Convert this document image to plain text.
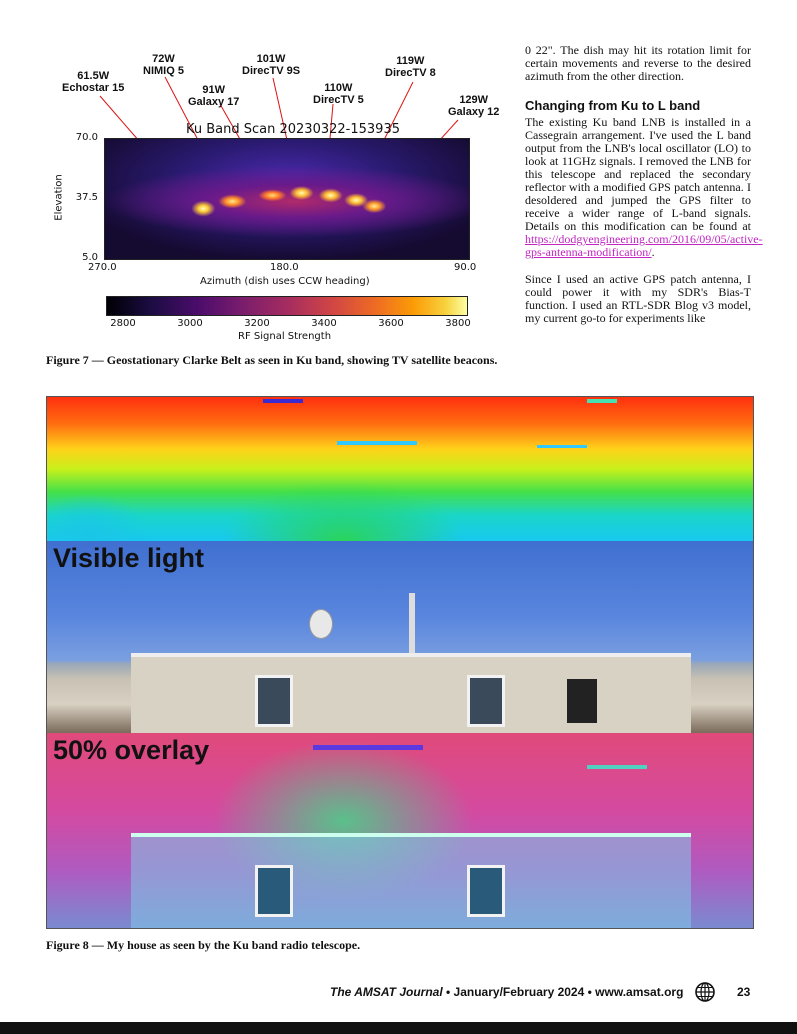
61.5W
Echostar 15
72W
NIMIQ 5
91W
Galaxy 17
101W
DirecTV 9S
110W
DirecTV 5
119W
DirecTV 8
129W
Galaxy 12
Ku Band Scan 20230322-153935
70.0
37.5
5.0
Elevation
270.0	180.0	90.0
Azimuth (dish uses CCW heading)
2800	3000	3200	3400	3600	3800
RF Signal Strength
Figure 7 — Geostationary Clarke Belt as seen in Ku band, showing TV satellite beacons.

0 22". The dish may hit its rotation limit for certain movements and reverse to the desired azimuth from the other direction.

Changing from Ku to L band

The existing Ku band LNB is installed in a Cassegrain arrangement. I've used the L band output from the LNB's local oscillator (LO) to look at 11GHz signals. I removed the LNB for this telescope and replaced the secondary reflector with a modified GPS patch antenna. I desoldered and jumped the GPS filter to receive a wider range of L-band signals. Details on this modification can be found at https://dodgyengineering.com/2016/09/05/active-gps-antenna-modification/.

Since I used an active GPS patch antenna, I could power it with my SDR's Bias-T function. I used an RTL-SDR Blog v3 model, my current go-to for experiments like

Visible light
50% overlay
Figure 8 — My house as seen by the Ku band radio telescope.
The AMSAT Journal • January/February 2024 • www.amsat.org	23
